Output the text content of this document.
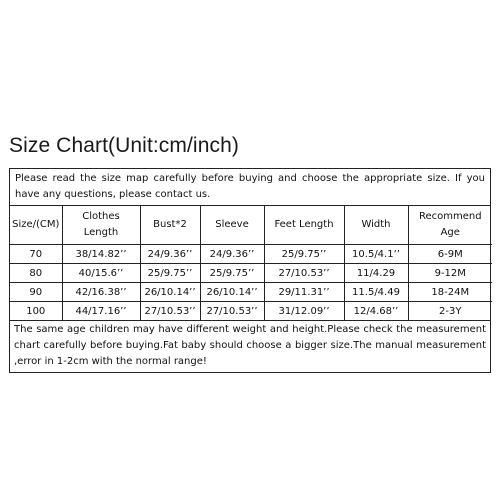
Size Chart(Unit:cm/inch)
Please read the size map carefully before buying and choose the appropriate size. If you have any questions, please contact us.
Size/(CM)	Clothes Length	Bust*2	Sleeve	Feet Length	Width	Recommend Age
70	38/14.82’’	24/9.36’’	24/9.36’’	25/9.75’’	10.5/4.1’’	6-9M
80	40/15.6’’	25/9.75’’	25/9.75’’	27/10.53’’	11/4.29	9-12M
90	42/16.38’’	26/10.14’’	26/10.14’’	29/11.31’’	11.5/4.49	18-24M
100	44/17.16’’	27/10.53’’	27/10.53’’	31/12.09’’	12/4.68’’	2-3Y
The same age children may have different weight and height.Please check the measurement chart carefully before buying.Fat baby should choose a bigger size.The manual measurement ,error in 1-2cm with the normal range!
